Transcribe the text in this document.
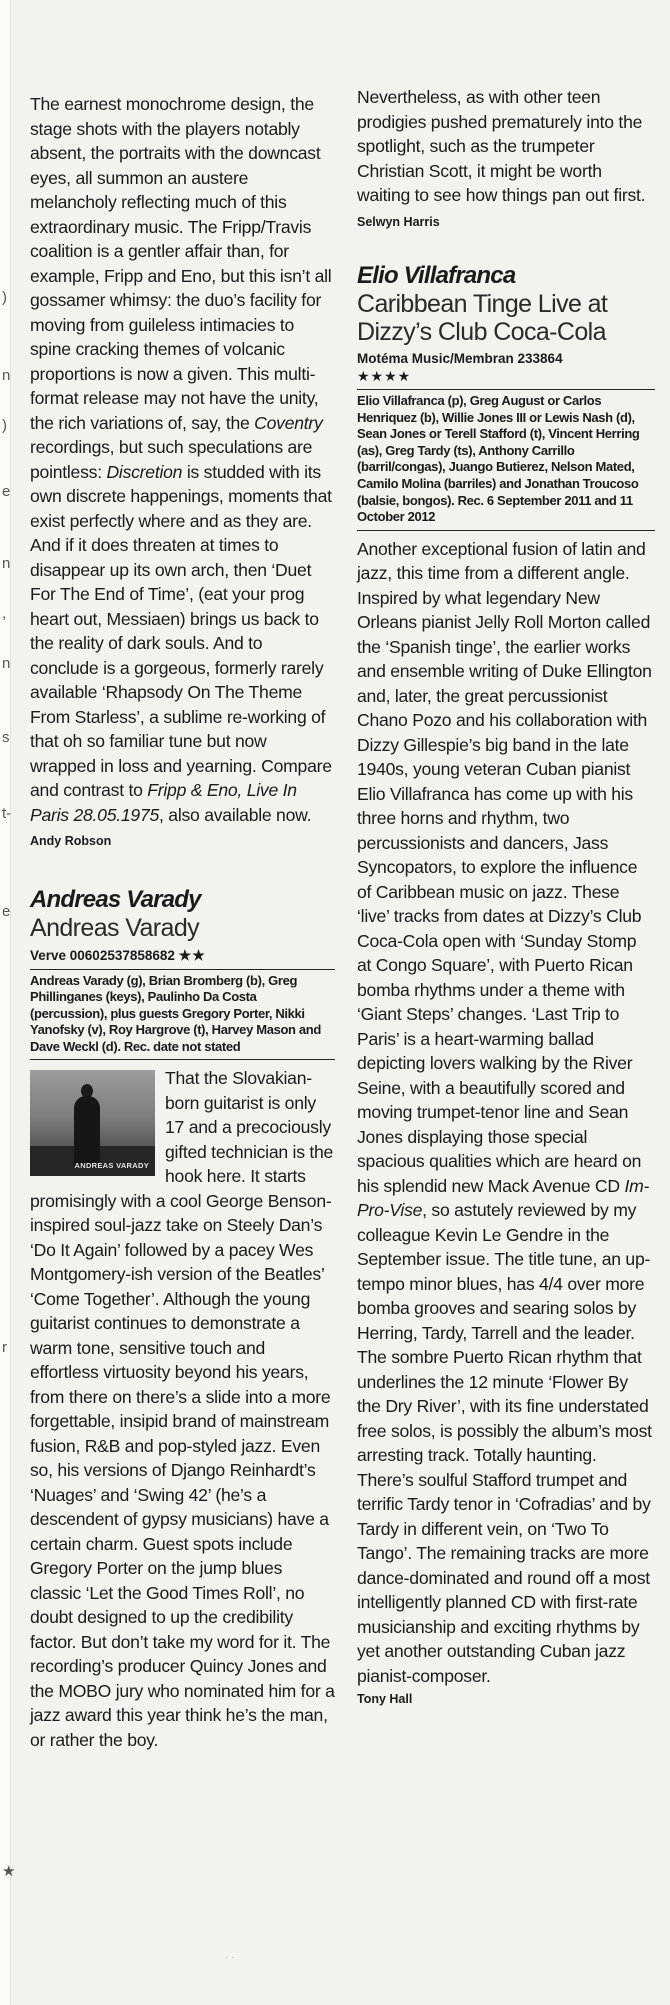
)
n
)
e
n
,
n
s
t-
e
r
★

The earnest monochrome design, the stage shots with the players notably absent, the portraits with the downcast eyes, all summon an austere melancholy reflecting much of this extraordinary music. The Fripp/Travis coalition is a gentler affair than, for example, Fripp and Eno, but this isn’t all gossamer whimsy: the duo’s facility for moving from guileless intimacies to spine cracking themes of volcanic proportions is now a given. This multi-format release may not have the unity, the rich variations of, say, the Coventry recordings, but such speculations are pointless: Discretion is studded with its own discrete happenings, moments that exist perfectly where and as they are. And if it does threaten at times to disappear up its own arch, then ‘Duet For The End of Time’, (eat your prog heart out, Messiaen) brings us back to the reality of dark souls. And to conclude is a gorgeous, formerly rarely available ‘Rhapsody On The Theme From Starless’, a sublime re-working of that oh so familiar tune but now wrapped in loss and yearning. Compare and contrast to Fripp & Eno, Live In Paris 28.05.1975, also available now. Andy Robson

Andreas Varady
Andreas Varady
Verve 00602537858682 ★★
Andreas Varady (g), Brian Bromberg (b), Greg Phillinganes (keys), Paulinho Da Costa (percussion), plus guests Gregory Porter, Nikki Yanofsky (v), Roy Hargrove (t), Harvey Mason and Dave Weckl (d). Rec. date not stated

ANDREAS VARADY
That the Slovakian-born guitarist is only 17 and a precociously gifted technician is the hook here. It starts promisingly with a cool George Benson-inspired soul-jazz take on Steely Dan’s ‘Do It Again’ followed by a pacey Wes Montgomery-ish version of the Beatles’ ‘Come Together’. Although the young guitarist continues to demonstrate a warm tone, sensitive touch and effortless virtuosity beyond his years, from there on there’s a slide into a more forgettable, insipid brand of mainstream fusion, R&B and pop-styled jazz. Even so, his versions of Django Reinhardt’s ‘Nuages’ and ‘Swing 42’ (he’s a descendent of gypsy musicians) have a certain charm. Guest spots include Gregory Porter on the jump blues classic ‘Let the Good Times Roll’, no doubt designed to up the credibility factor. But don’t take my word for it. The recording’s producer Quincy Jones and the MOBO jury who nominated him for a jazz award this year think he’s the man, or rather the boy.

Nevertheless, as with other teen prodigies pushed prematurely into the spotlight, such as the trumpeter Christian Scott, it might be worth waiting to see how things pan out first. Selwyn Harris

Elio Villafranca
Caribbean Tinge Live at Dizzy’s Club Coca-Cola
Motéma Music/Membran 233864
★★★★
Elio Villafranca (p), Greg August or Carlos Henriquez (b), Willie Jones III or Lewis Nash (d), Sean Jones or Terell Stafford (t), Vincent Herring (as), Greg Tardy (ts), Anthony Carrillo (barril/congas), Juango Butierez, Nelson Mated, Camilo Molina (barriles) and Jonathan Troucoso (balsie, bongos). Rec. 6 September 2011 and 11 October 2012

Another exceptional fusion of latin and jazz, this time from a different angle. Inspired by what legendary New Orleans pianist Jelly Roll Morton called the ‘Spanish tinge’, the earlier works and ensemble writing of Duke Ellington and, later, the great percussionist Chano Pozo and his collaboration with Dizzy Gillespie’s big band in the late 1940s, young veteran Cuban pianist Elio Villafranca has come up with his three horns and rhythm, two percussionists and dancers, Jass Syncopators, to explore the influence of Caribbean music on jazz. These ‘live’ tracks from dates at Dizzy’s Club Coca-Cola open with ‘Sunday Stomp at Congo Square’, with Puerto Rican bomba rhythms under a theme with ‘Giant Steps’ changes. ‘Last Trip to Paris’ is a heart-warming ballad depicting lovers walking by the River Seine, with a beautifully scored and moving trumpet-tenor line and Sean Jones displaying those special spacious qualities which are heard on his splendid new Mack Avenue CD Im-Pro-Vise, so astutely reviewed by my colleague Kevin Le Gendre in the September issue. The title tune, an up-tempo minor blues, has 4/4 over more bomba grooves and searing solos by Herring, Tardy, Tarrell and the leader. The sombre Puerto Rican rhythm that underlines the 12 minute ‘Flower By the Dry River’, with its fine understated free solos, is possibly the album’s most arresting track. Totally haunting. There’s soulful Stafford trumpet and terrific Tardy tenor in ‘Cofradias’ and by Tardy in different vein, on ‘Two To Tango’. The remaining tracks are more dance-dominated and round off a most intelligently planned CD with first-rate musicianship and exciting rhythms by yet another outstanding Cuban jazz pianist-composer.

Tony Hall
· ·
